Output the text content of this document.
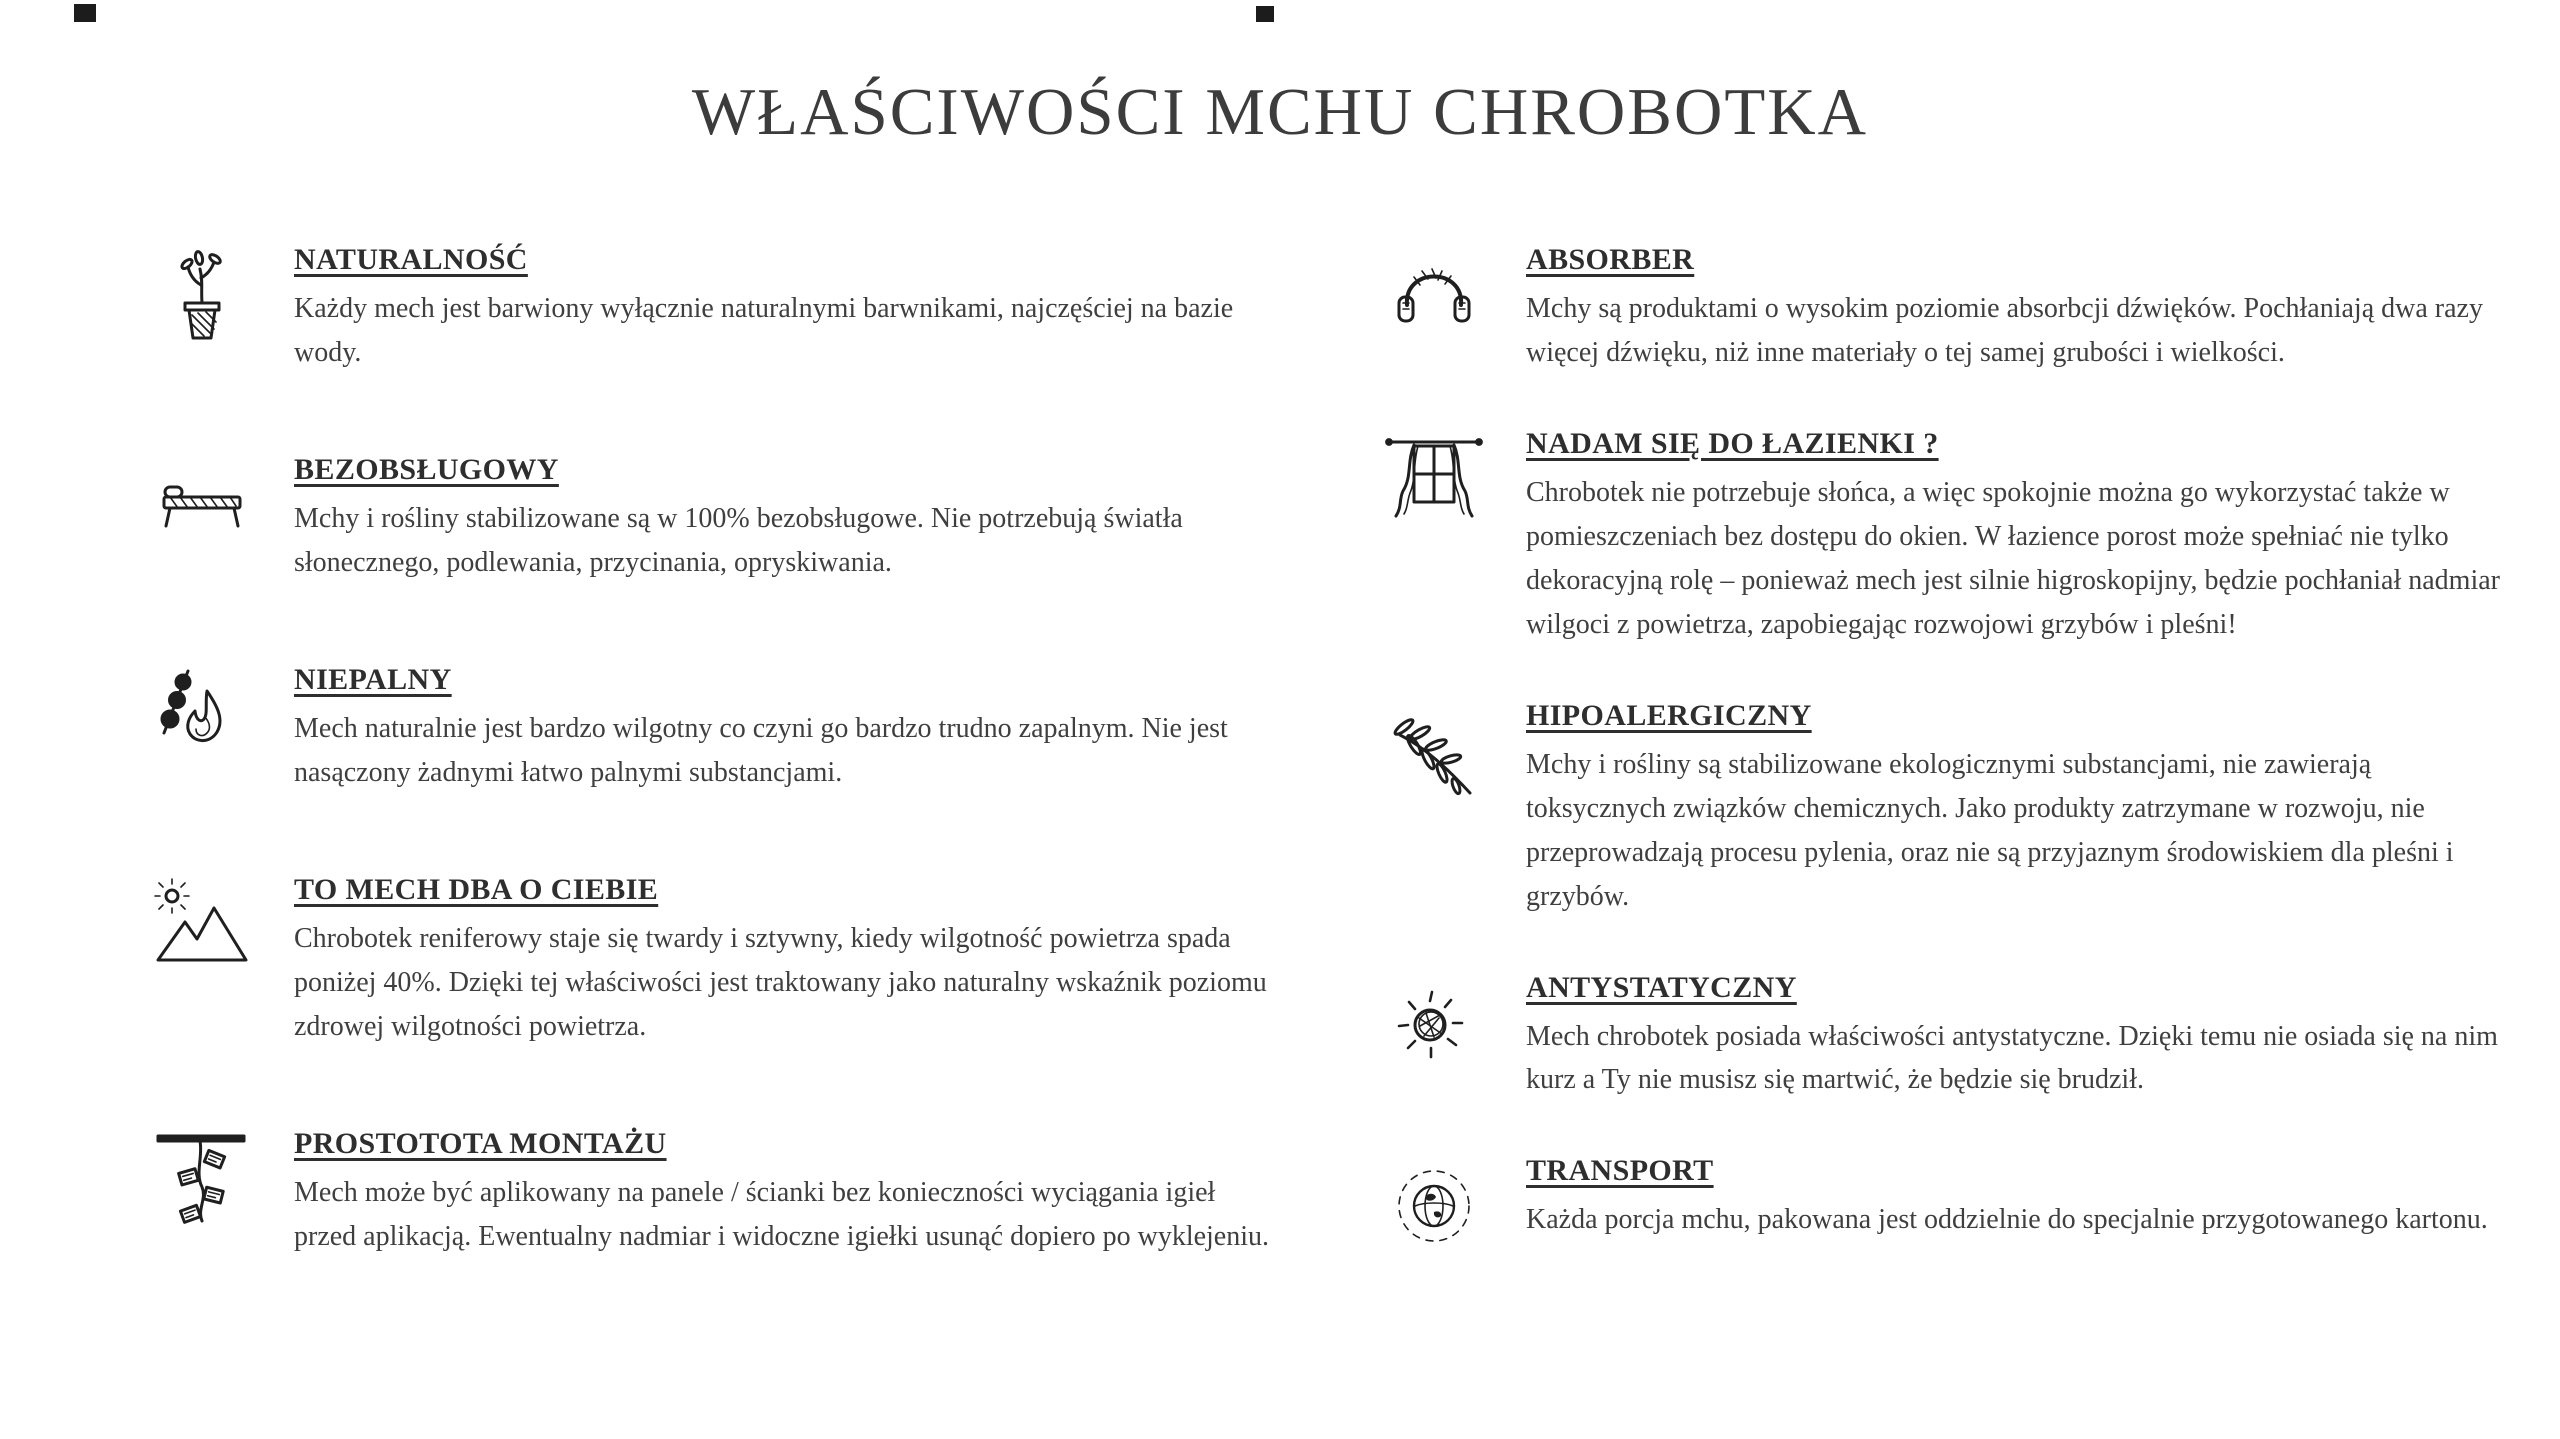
WŁAŚCIWOŚCI MCHU CHROBOTKA
NATURALNOŚĆ

Każdy mech jest barwiony wyłącznie naturalnymi barwnikami, najczęściej na bazie wody.

BEZOBSŁUGOWY

Mchy i rośliny stabilizowane są w 100% bezobsługowe. Nie potrzebują światła słonecznego, podlewania, przycinania, opryskiwania.

NIEPALNY

Mech naturalnie jest bardzo wilgotny co czyni go bardzo trudno zapalnym. Nie jest nasączony żadnymi łatwo palnymi substancjami.

TO MECH DBA O CIEBIE

Chrobotek reniferowy staje się twardy i sztywny, kiedy wilgotność powietrza spada poniżej 40%. Dzięki tej właściwości jest traktowany jako naturalny wskaźnik poziomu zdrowej wilgotności powietrza.

PROSTOTOTA MONTAŻU

Mech może być aplikowany na panele / ścianki bez konieczności wyciągania igieł przed aplikacją. Ewentualny nadmiar i widoczne igiełki usunąć dopiero po wyklejeniu.

ABSORBER

Mchy są produktami o wysokim poziomie absorbcji dźwięków. Pochłaniają dwa razy więcej dźwięku, niż inne materiały o tej samej grubości i wielkości.

NADAM SIĘ DO ŁAZIENKI ?

Chrobotek nie potrzebuje słońca, a więc spokojnie można go wykorzystać także w pomieszczeniach bez dostępu do okien. W łazience porost może spełniać nie tylko dekoracyjną rolę – ponieważ mech jest silnie higroskopijny, będzie pochłaniał nadmiar wilgoci z powietrza, zapobiegając rozwojowi grzybów i pleśni!

HIPOALERGICZNY

Mchy i rośliny są stabilizowane ekologicznymi substancjami, nie zawierają toksycznych związków chemicznych. Jako produkty zatrzymane w rozwoju, nie przeprowadzają procesu pylenia, oraz nie są przyjaznym środowiskiem dla pleśni i grzybów.

ANTYSTATYCZNY

Mech chrobotek posiada właściwości antystatyczne. Dzięki temu nie osiada się na nim kurz a Ty nie musisz się martwić, że będzie się brudził.

TRANSPORT

Każda porcja mchu, pakowana jest oddzielnie do specjalnie przygotowanego kartonu.
